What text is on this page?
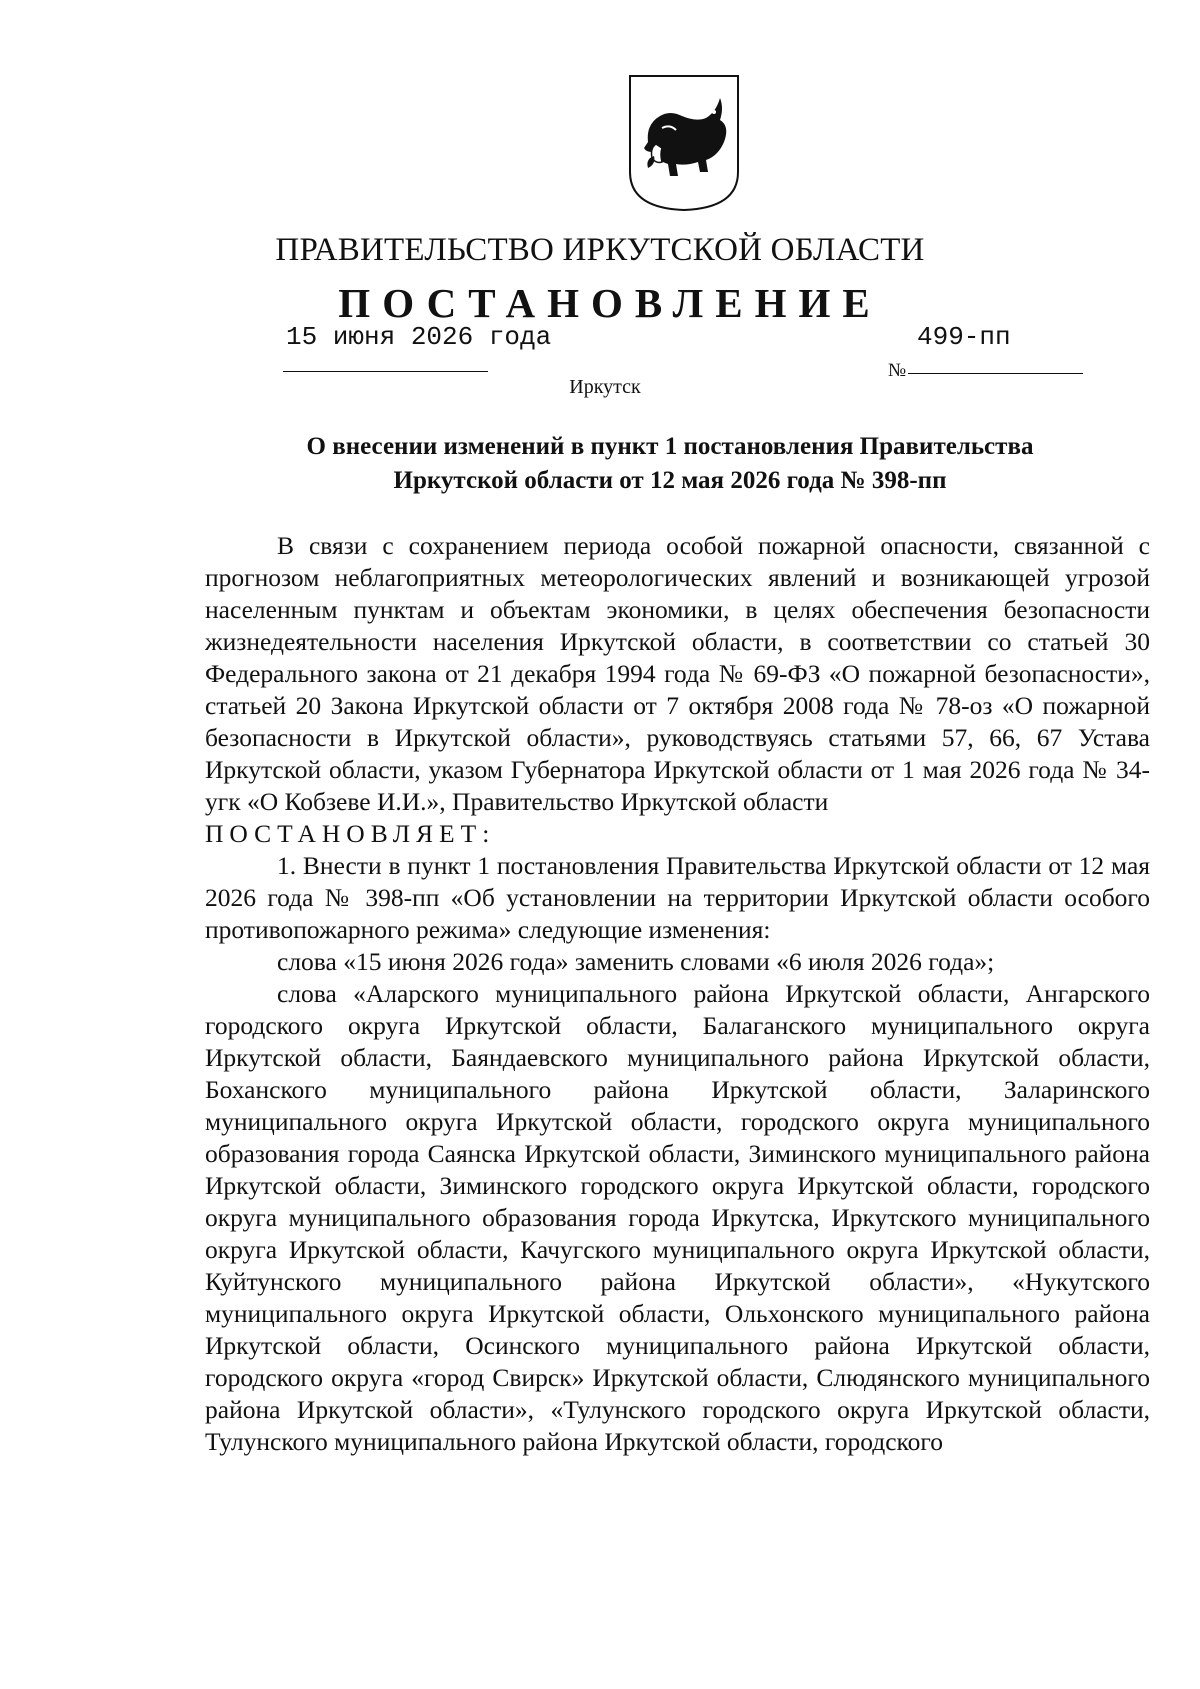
ПРАВИТЕЛЬСТВО ИРКУТСКОЙ ОБЛАСТИ
ПОСТАНОВЛЕНИЕ
15 июня 2026 года
№
499-пп
Иркутск
О внесении изменений в пункт 1 постановления Правительства
Иркутской области от 12 мая 2026 года № 398-пп

В связи с сохранением периода особой пожарной опасности, связанной с прогнозом неблагоприятных метеорологических явлений и возникающей угрозой населенным пунктам и объектам экономики, в целях обеспечения безопасности жизнедеятельности населения Иркутской области, в соответствии со статьей 30 Федерального закона от 21 декабря 1994 года № 69-ФЗ «О пожарной безопасности», статьей 20 Закона Иркутской области от 7 октября 2008 года № 78-оз «О пожарной безопасности в Иркутской области», руководствуясь статьями 57, 66, 67 Устава Иркутской области, указом Губернатора Иркутской области от 1 мая 2026 года № 34-угк «О Кобзеве И.И.», Правительство Иркутской области

ПОСТАНОВЛЯЕТ:

1. Внести в пункт 1 постановления Правительства Иркутской области от 12 мая 2026 года № 398-пп «Об установлении на территории Иркутской области особого противопожарного режима» следующие изменения:

слова «15 июня 2026 года» заменить словами «6 июля 2026 года»;

слова «Аларского муниципального района Иркутской области, Ангарского городского округа Иркутской области, Балаганского муниципального округа Иркутской области, Баяндаевского муниципального района Иркутской области, Боханского муниципального района Иркутской области, Заларинского муниципального округа Иркутской области, городского округа муниципального образования города Саянска Иркутской области, Зиминского муниципального района Иркутской области, Зиминского городского округа Иркутской области, городского округа муниципального образования города Иркутска, Иркутского муниципального округа Иркутской области, Качугского муниципального округа Иркутской области, Куйтунского муниципального района Иркутской области», «Нукутского муниципального округа Иркутской области, Ольхонского муниципального района Иркутской области, Осинского муниципального района Иркутской области, городского округа «город Свирск» Иркутской области, Слюдянского муниципального района Иркутской области», «Тулунского городского округа Иркутской области, Тулунского муниципального района Иркутской области, городского
